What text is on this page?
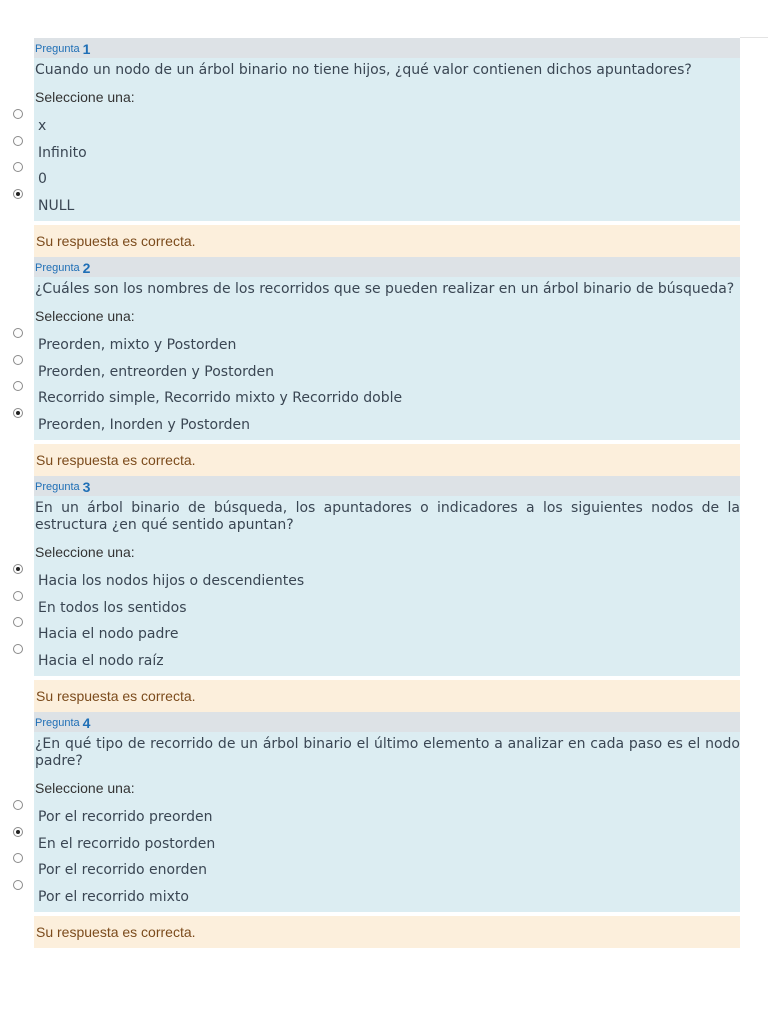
Pregunta 1
Cuando un nodo de un árbol binario no tiene hijos, ¿qué valor contienen dichos apuntadores?
Seleccione una:
x
Infinito
0
NULL
Su respuesta es correcta.
Pregunta 2
¿Cuáles son los nombres de los recorridos que se pueden realizar en un árbol binario de búsqueda?
Seleccione una:
Preorden, mixto y Postorden
Preorden, entreorden y Postorden
Recorrido simple, Recorrido mixto y Recorrido doble
Preorden, Inorden y Postorden
Su respuesta es correcta.
Pregunta 3
En un árbol binario de búsqueda, los apuntadores o indicadores a los siguientes nodos de la estructura ¿en qué sentido apuntan?
Seleccione una:
Hacia los nodos hijos o descendientes
En todos los sentidos
Hacia el nodo padre
Hacia el nodo raíz
Su respuesta es correcta.
Pregunta 4
¿En qué tipo de recorrido de un árbol binario el último elemento a analizar en cada paso es el nodo padre?
Seleccione una:
Por el recorrido preorden
En el recorrido postorden
Por el recorrido enorden
Por el recorrido mixto
Su respuesta es correcta.
